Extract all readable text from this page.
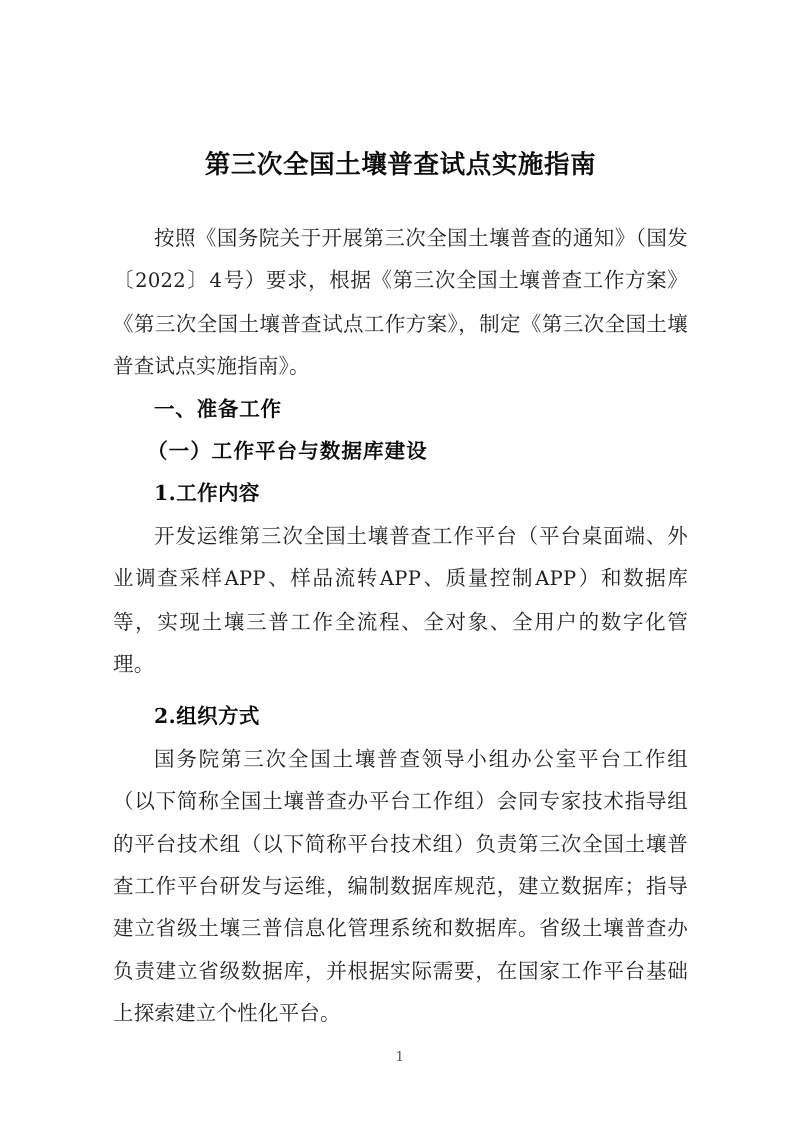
第三次全国土壤普查试点实施指南

按照《国务院关于开展第三次全国土壤普查的通知》（国发〔2022〕4号）要求，根据《第三次全国土壤普查工作方案》《第三次全国土壤普查试点工作方案》，制定《第三次全国土壤普查试点实施指南》。

一、准备工作
（一）工作平台与数据库建设
1.工作内容

开发运维第三次全国土壤普查工作平台（平台桌面端、外业调查采样APP、样品流转APP、质量控制APP）和数据库等，实现土壤三普工作全流程、全对象、全用户的数字化管理。

2.组织方式

国务院第三次全国土壤普查领导小组办公室平台工作组（以下简称全国土壤普查办平台工作组）会同专家技术指导组的平台技术组（以下简称平台技术组）负责第三次全国土壤普查工作平台研发与运维，编制数据库规范，建立数据库；指导建立省级土壤三普信息化管理系统和数据库。省级土壤普查办负责建立省级数据库，并根据实际需要，在国家工作平台基础上探索建立个性化平台。

1
